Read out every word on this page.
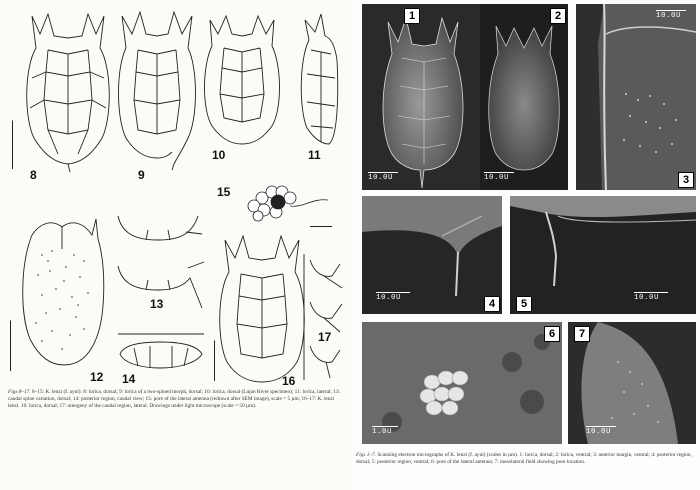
8	9
10	11
15
12
13
14	16
17
Figs 8–17. 8–15: K. lenzi (f. ayui). 8: lorica, dorsal; 9: lorica of a two-spined morph, dorsal; 10: lorica, dorsal (Lujan River specimen); 11: lorica, lateral; 13: caudal spine variation, dorsal; 14: posterior region, caudal view; 15: pore of the lateral antenna (redrawn after SEM image), scale = 5 µm; 16–17: K. lenzi lenzi. 16: lorica, dorsal; 17: ontogeny of the caudal region, lateral. Drawings under light microscope (scale = 50 µm).
1
10.0U
2
10.0U	3
10.0U
4
10.0U	5	10.0U
6
1.0U
7
10.0U
Figs 1–7. Scanning electron micrographs of K. lenzi (f. ayui) (scales in µm). 1: lorica, dorsal; 2: lorica, ventral; 3: anterior margin, ventral; 4: posterior region, dorsal; 5: posterior region, ventral; 6: pore of the lateral antenna; 7: mesolateral field showing pore location.
